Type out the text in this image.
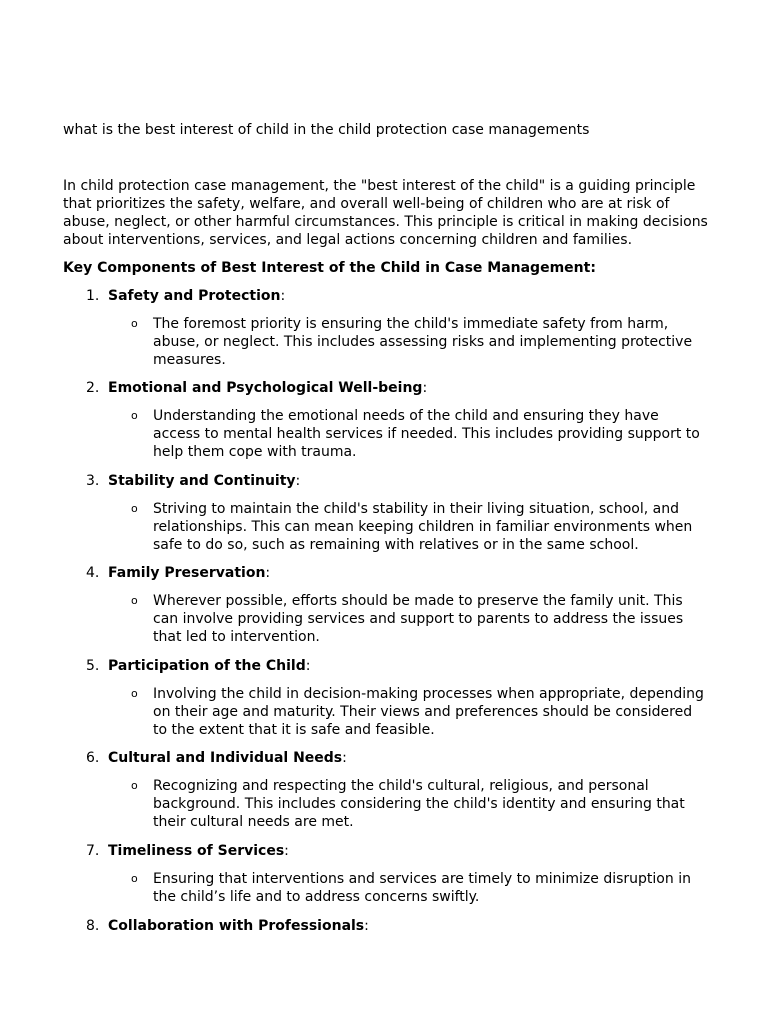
what is the best interest of child in the child protection case managements

In child protection case management, the "best interest of the child" is a guiding principle that prioritizes the safety, welfare, and overall well-being of children who are at risk of abuse, neglect, or other harmful circumstances. This principle is critical in making decisions about interventions, services, and legal actions concerning children and families.

Key Components of Best Interest of the Child in Case Management:

1. Safety and Protection:

o The foremost priority is ensuring the child's immediate safety from harm, abuse, or neglect. This includes assessing risks and implementing protective measures.

2. Emotional and Psychological Well-being:

o Understanding the emotional needs of the child and ensuring they have access to mental health services if needed. This includes providing support to help them cope with trauma.

3. Stability and Continuity:

o Striving to maintain the child's stability in their living situation, school, and relationships. This can mean keeping children in familiar environments when safe to do so, such as remaining with relatives or in the same school.

4. Family Preservation:

o Wherever possible, efforts should be made to preserve the family unit. This can involve providing services and support to parents to address the issues that led to intervention.

5. Participation of the Child:

o Involving the child in decision-making processes when appropriate, depending on their age and maturity. Their views and preferences should be considered to the extent that it is safe and feasible.

6. Cultural and Individual Needs:

o Recognizing and respecting the child's cultural, religious, and personal background. This includes considering the child's identity and ensuring that their cultural needs are met.

7. Timeliness of Services:

o Ensuring that interventions and services are timely to minimize disruption in the child’s life and to address concerns swiftly.

8. Collaboration with Professionals:
